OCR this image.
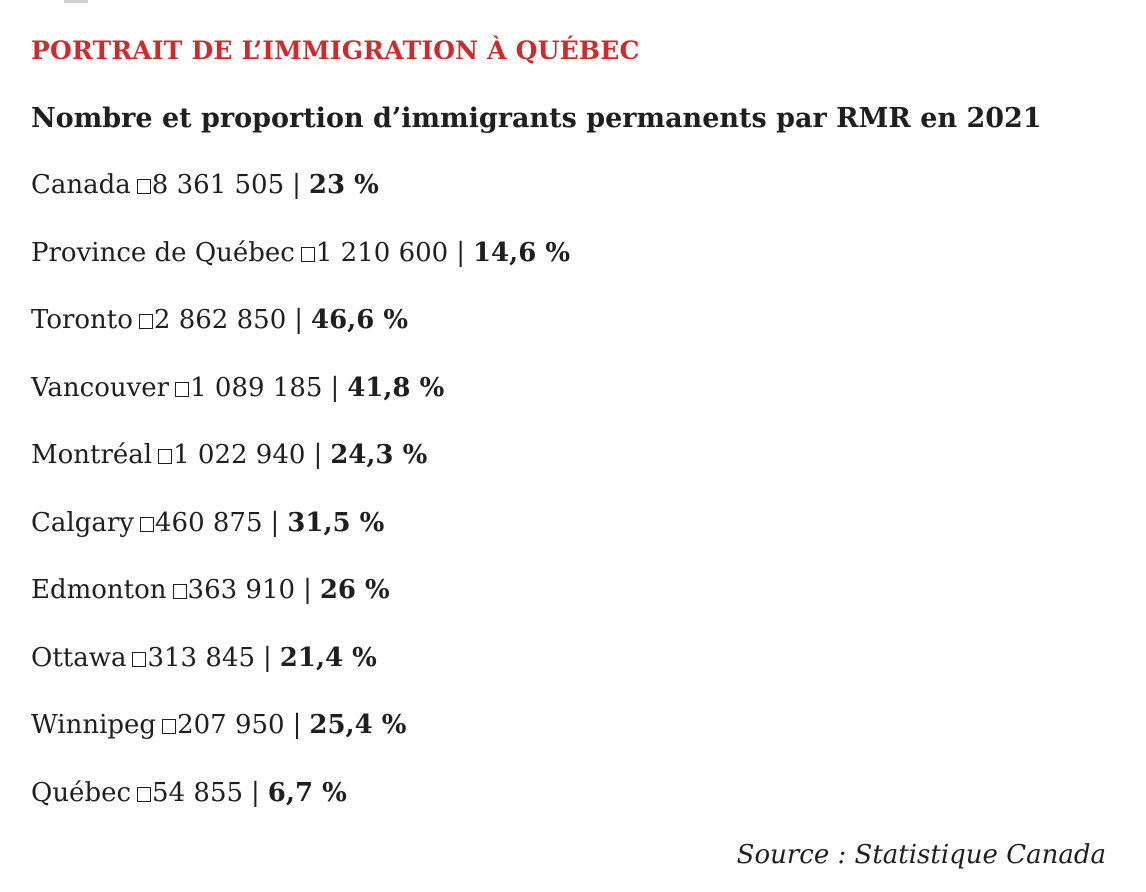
PORTRAIT DE L’IMMIGRATION À QUÉBEC
Nombre et proportion d’immigrants permanents par RMR en 2021
Canada 8 361 505 | 23 %
Province de Québec 1 210 600 | 14,6 %
Toronto 2 862 850 | 46,6 %
Vancouver 1 089 185 | 41,8 %
Montréal 1 022 940 | 24,3 %
Calgary 460 875 | 31,5 %
Edmonton 363 910 | 26 %
Ottawa 313 845 | 21,4 %
Winnipeg 207 950 | 25,4 %
Québec 54 855 | 6,7 %

Source : Statistique Canada
